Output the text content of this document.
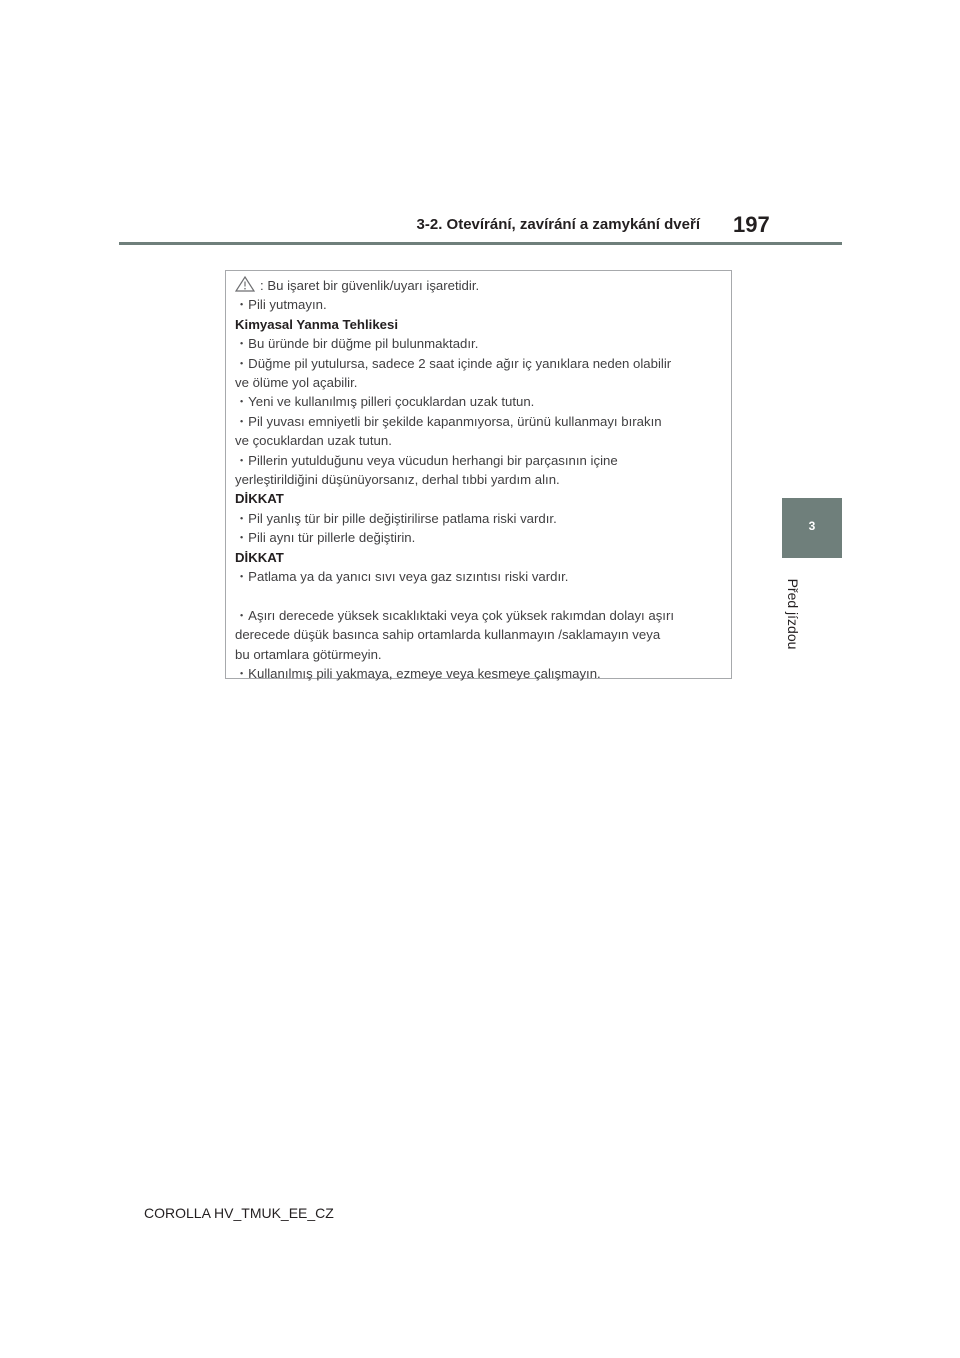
3-2. Otevírání, zavírání a zamykání dveří 197
3
Před jízdou
: Bu işaret bir güvenlik/uyarı işaretidir.
・Pili yutmayın.
Kimyasal Yanma Tehlikesi
・Bu üründe bir düğme pil bulunmaktadır.
・Düğme pil yutulursa, sadece 2 saat içinde ağır iç yanıklara neden olabilir
ve ölüme yol açabilir.
・Yeni ve kullanılmış pilleri çocuklardan uzak tutun.
・Pil yuvası emniyetli bir şekilde kapanmıyorsa, ürünü kullanmayı bırakın
ve çocuklardan uzak tutun.
・Pillerin yutulduğunu veya vücudun herhangi bir parçasının içine
yerleştirildiğini düşünüyorsanız, derhal tıbbi yardım alın.
DİKKAT
・Pil yanlış tür bir pille değiştirilirse patlama riski vardır.
・Pili aynı tür pillerle değiştirin.
DİKKAT
・Patlama ya da yanıcı sıvı veya gaz sızıntısı riski vardır.
・Aşırı derecede yüksek sıcaklıktaki veya çok yüksek rakımdan dolayı aşırı
derecede düşük basınca sahip ortamlarda kullanmayın /saklamayın veya
bu ortamlara götürmeyin.
・Kullanılmış pili yakmaya, ezmeye veya kesmeye çalışmayın.
COROLLA HV_TMUK_EE_CZ
